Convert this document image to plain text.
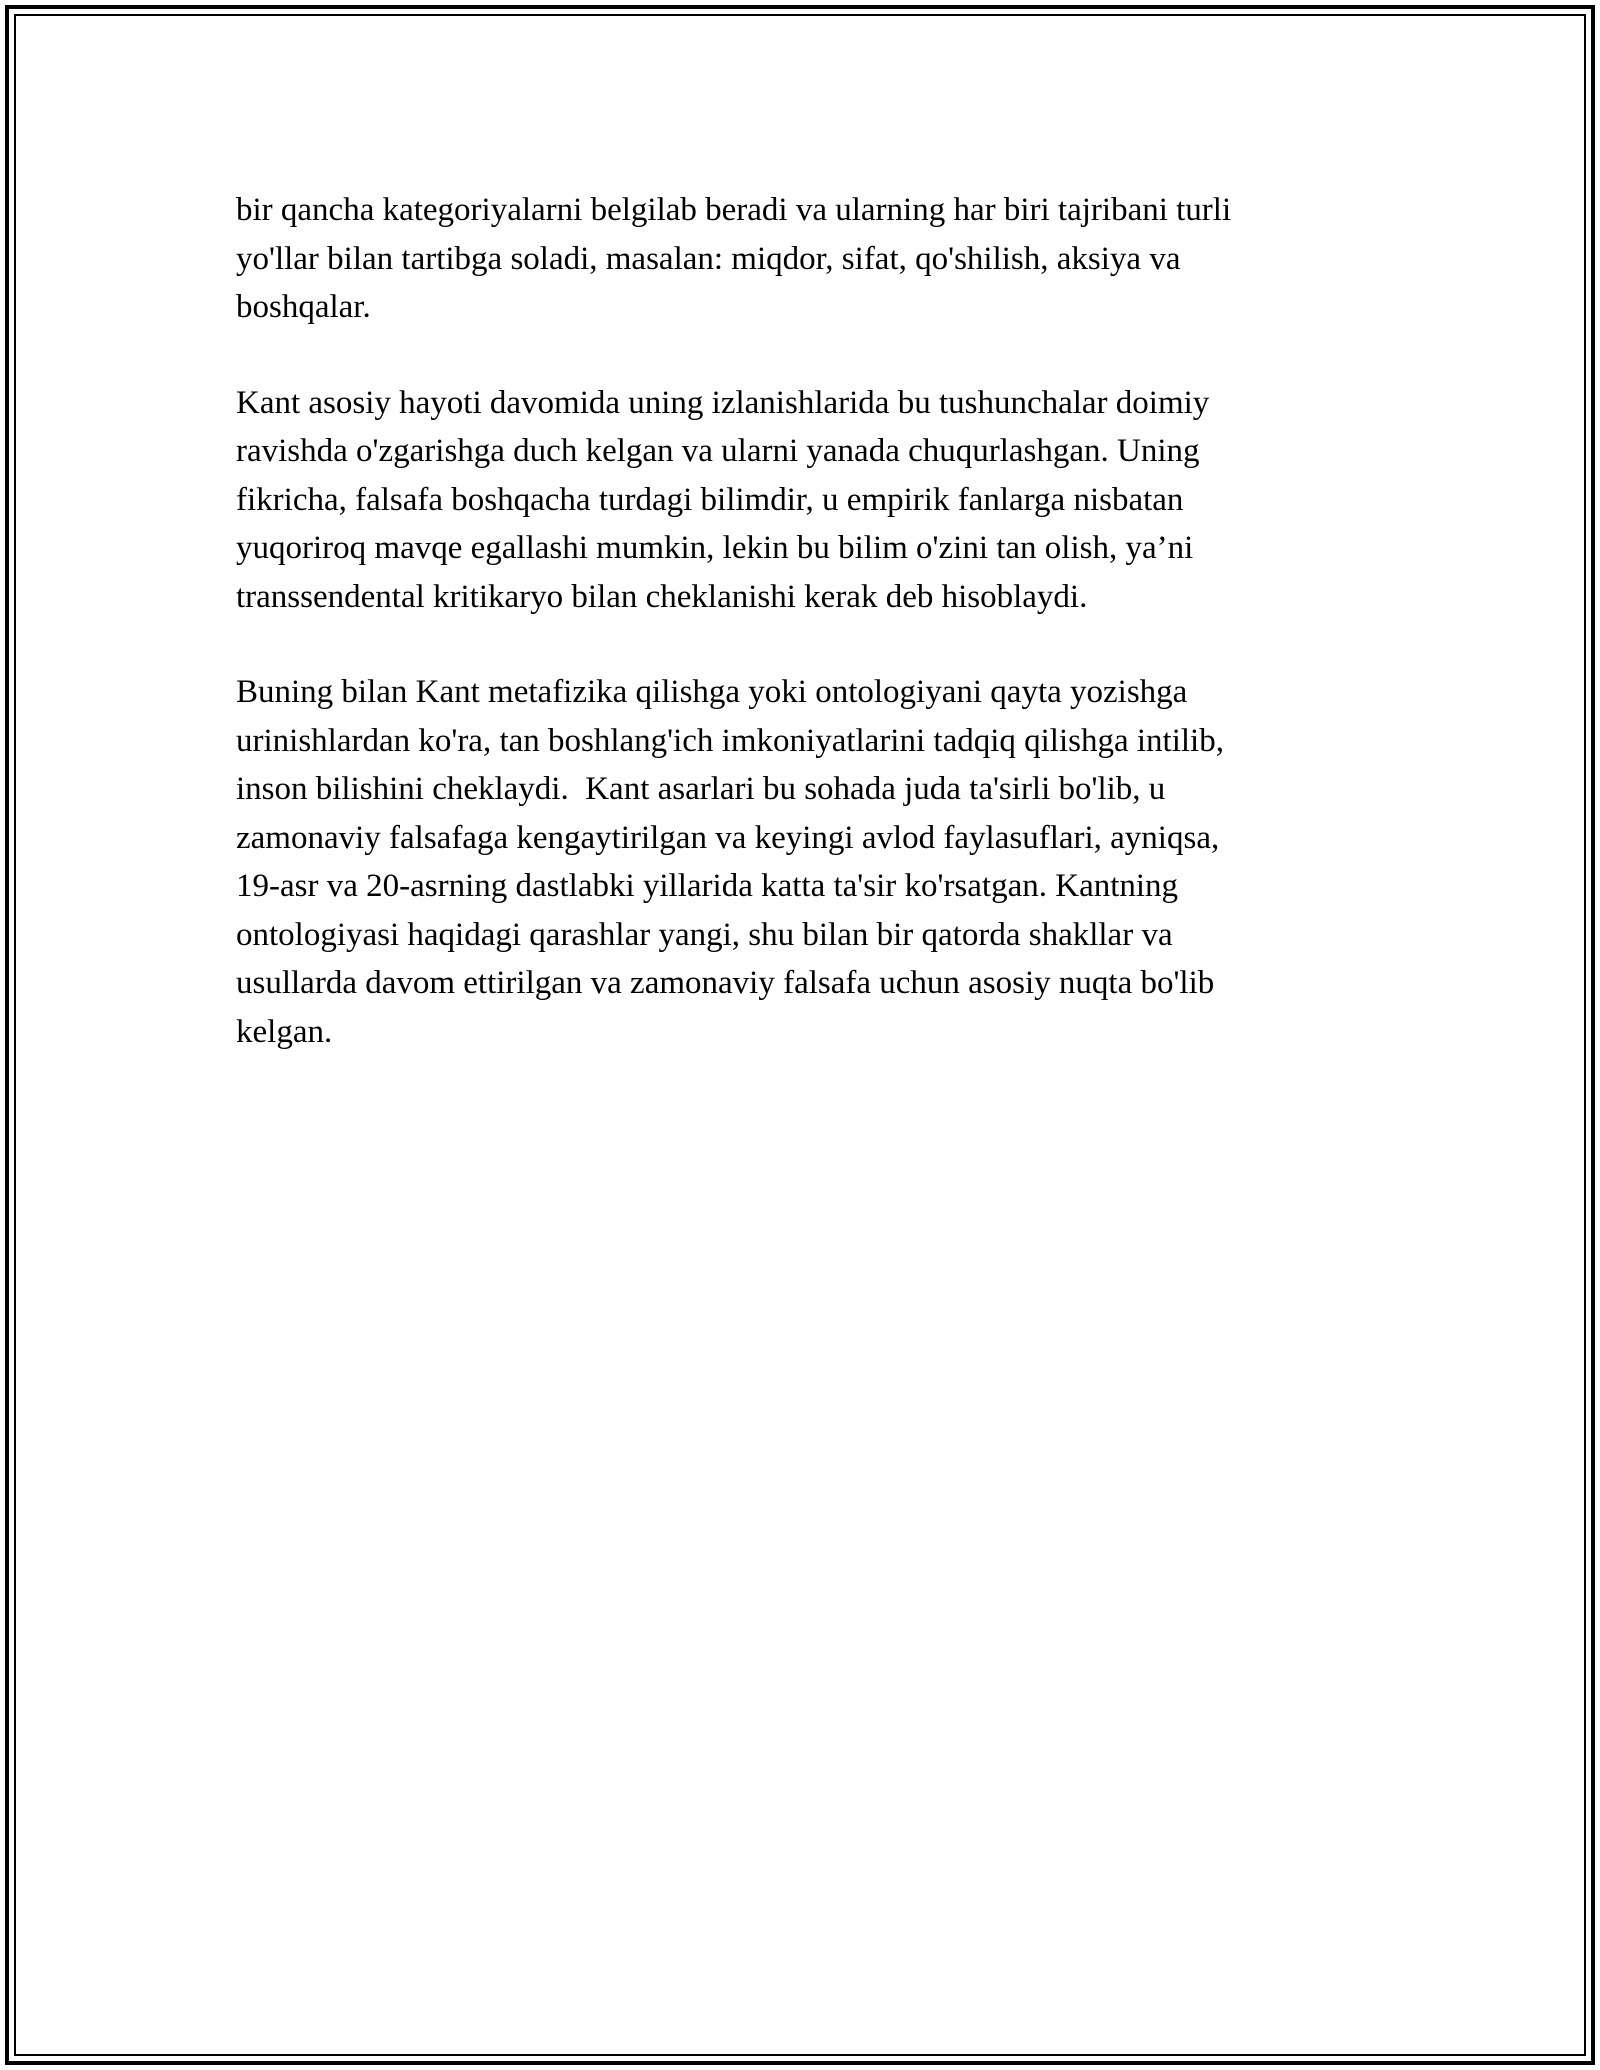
bir qancha kategoriyalarni belgilab beradi va ularning har biri tajribani turli
yo'llar bilan tartibga soladi, masalan: miqdor, sifat, qo'shilish, aksiya va
boshqalar.

Kant asosiy hayoti davomida uning izlanishlarida bu tushunchalar doimiy
ravishda o'zgarishga duch kelgan va ularni yanada chuqurlashgan. Uning
fikricha, falsafa boshqacha turdagi bilimdir, u empirik fanlarga nisbatan
yuqoriroq mavqe egallashi mumkin, lekin bu bilim o'zini tan olish, ya’ni
transsendental kritikaryo bilan cheklanishi kerak deb hisoblaydi.

Buning bilan Kant metafizika qilishga yoki ontologiyani qayta yozishga
urinishlardan ko'ra, tan boshlang'ich imkoniyatlarini tadqiq qilishga intilib,
inson bilishini cheklaydi.  Kant asarlari bu sohada juda ta'sirli bo'lib, u
zamonaviy falsafaga kengaytirilgan va keyingi avlod faylasuflari, ayniqsa,
19-asr va 20-asrning dastlabki yillarida katta ta'sir ko'rsatgan. Kantning
ontologiyasi haqidagi qarashlar yangi, shu bilan bir qatorda shakllar va
usullarda davom ettirilgan va zamonaviy falsafa uchun asosiy nuqta bo'lib
kelgan.
